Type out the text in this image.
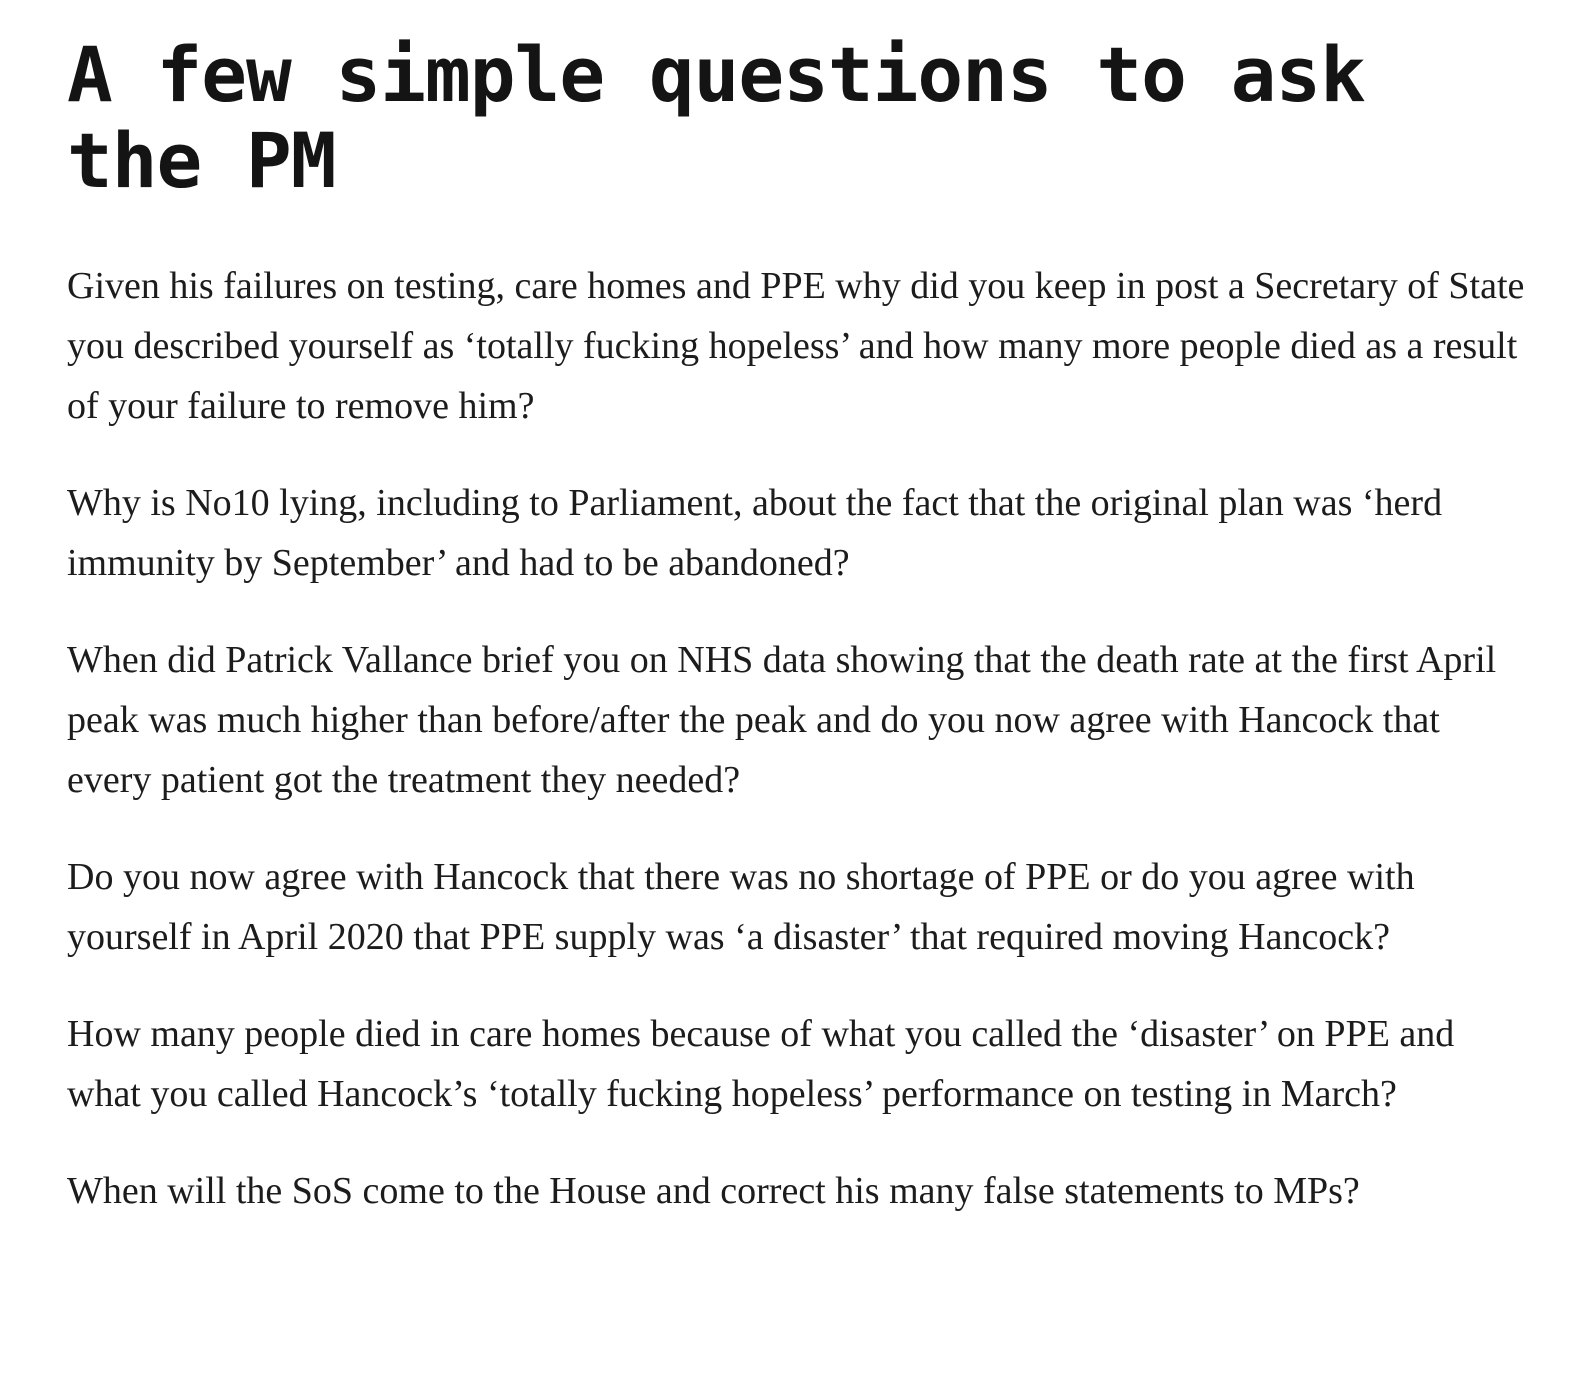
A few simple questions to ask the PM

Given his failures on testing, care homes and PPE why did you keep in post a Secretary of State you described yourself as ‘totally fucking hopeless’ and how many more people died as a result of your failure to remove him?

Why is No10 lying, including to Parliament, about the fact that the original plan was ‘herd immunity by September’ and had to be abandoned?

When did Patrick Vallance brief you on NHS data showing that the death rate at the first April peak was much higher than before/after the peak and do you now agree with Hancock that every patient got the treatment they needed?

Do you now agree with Hancock that there was no shortage of PPE or do you agree with yourself in April 2020 that PPE supply was ‘a disaster’ that required moving Hancock?

How many people died in care homes because of what you called the ‘disaster’ on PPE and what you called Hancock’s ‘totally fucking hopeless’ performance on testing in March?

When will the SoS come to the House and correct his many false statements to MPs?
